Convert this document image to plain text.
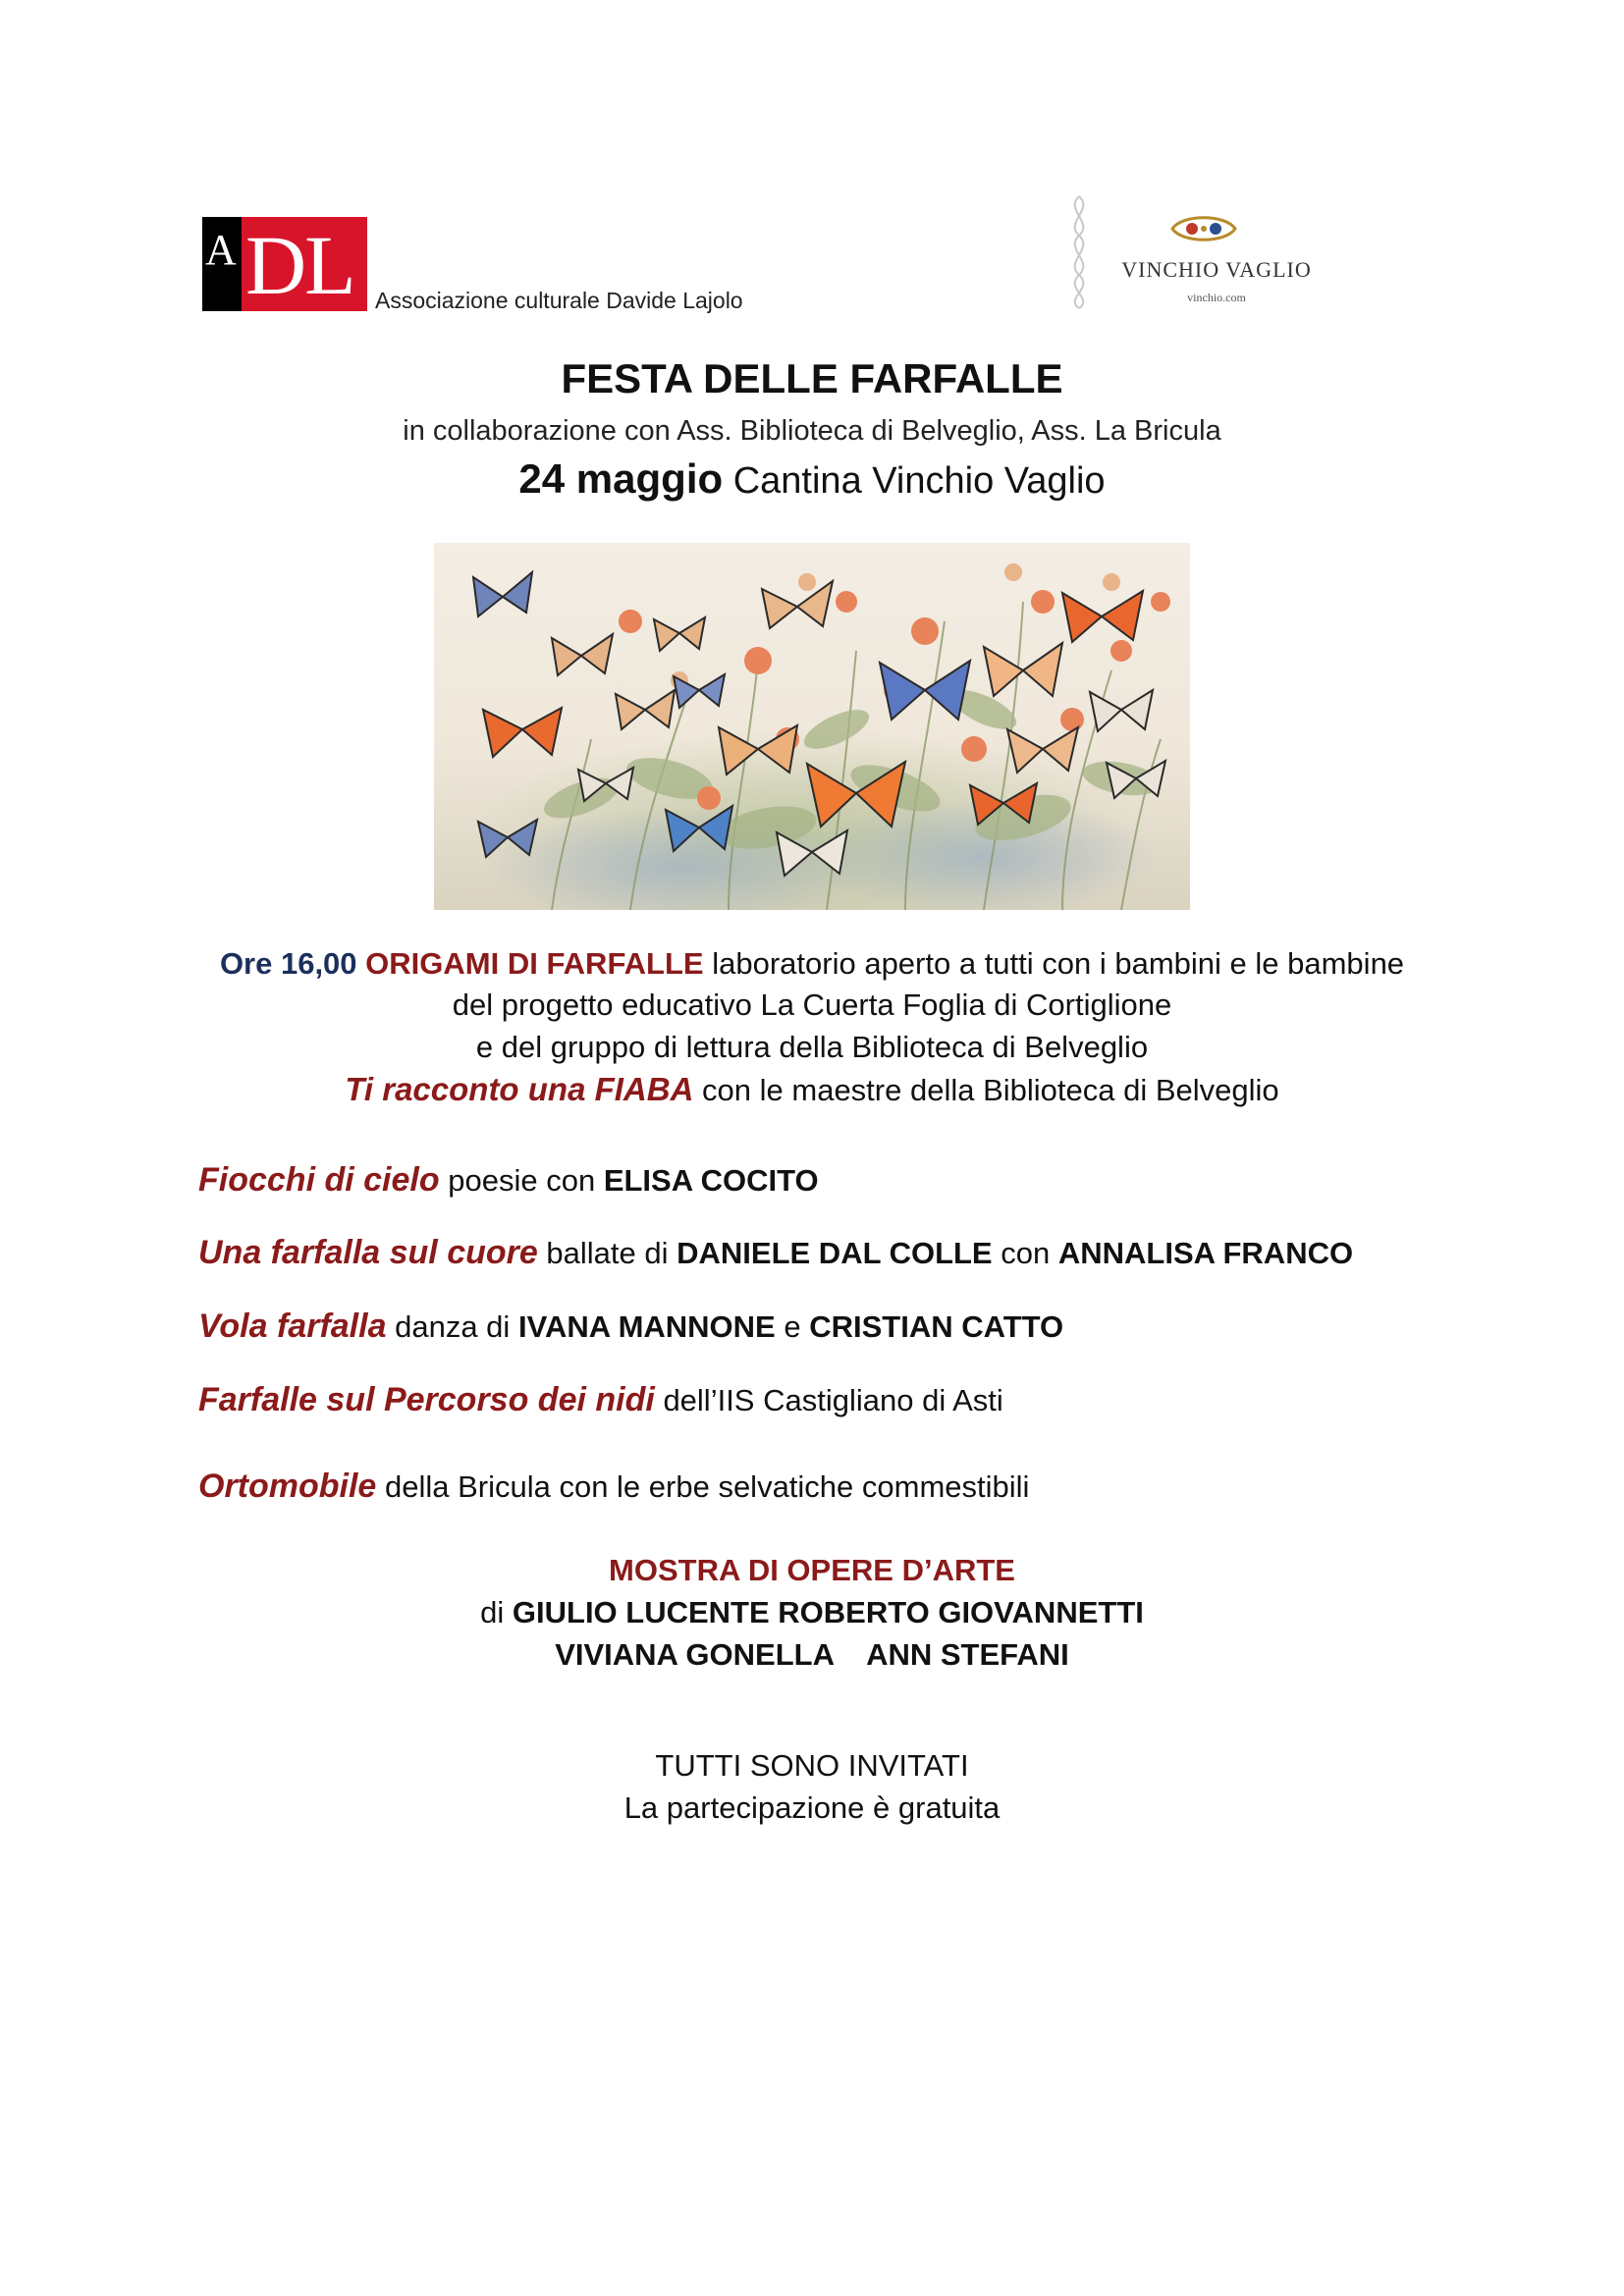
A DL Associazione culturale Davide Lajolo
VINCHIO VAGLIO
vinchio.com
FESTA DELLE FARFALLE
in collaborazione con Ass. Biblioteca di Belveglio, Ass. La Bricula
24 maggio Cantina Vinchio Vaglio
Ore 16,00 ORIGAMI DI FARFALLE laboratorio aperto a tutti con i bambini e le bambine
del progetto educativo La Cuerta Foglia di Cortiglione
e del gruppo di lettura della Biblioteca di Belveglio
Ti racconto una FIABA con le maestre della Biblioteca di Belveglio
Fiocchi di cielo poesie con ELISA COCITO
Una farfalla sul cuore ballate di DANIELE DAL COLLE con ANNALISA FRANCO
Vola farfalla danza di IVANA MANNONE e CRISTIAN CATTO
Farfalle sul Percorso dei nidi dell’IIS Castigliano di Asti
Ortomobile della Bricula con le erbe selvatiche commestibili
MOSTRA DI OPERE D’ARTE
di GIULIO LUCENTE ROBERTO GIOVANNETTI
VIVIANA GONELLA    ANN STEFANI
TUTTI SONO INVITATI
La partecipazione è gratuita
